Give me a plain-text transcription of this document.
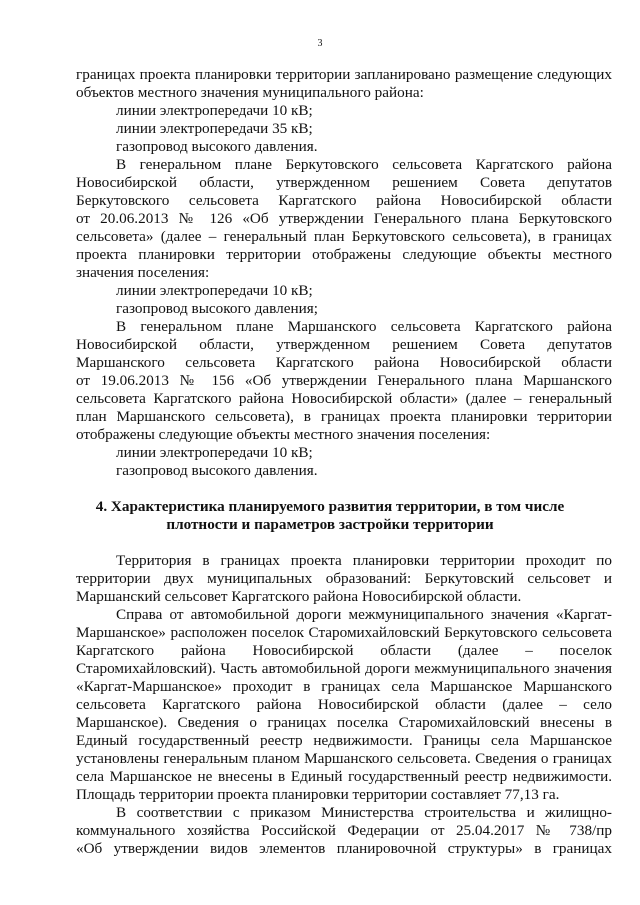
3
границах проекта планировки территории запланировано размещение следующих
объектов местного значения муниципального района:
линии электропередачи 10 кВ;
линии электропередачи 35 кВ;
газопровод высокого давления.
В генеральном плане Беркутовского сельсовета Каргатского района
Новосибирской области, утвержденном решением Совета депутатов
Беркутовского сельсовета Каргатского района Новосибирской области
от 20.06.2013 № 126 «Об утверждении Генерального плана Беркутовского
сельсовета» (далее – генеральный план Беркутовского сельсовета), в границах
проекта планировки территории отображены следующие объекты местного
значения поселения:
линии электропередачи 10 кВ;
газопровод высокого давления;
В генеральном плане Маршанского сельсовета Каргатского района
Новосибирской области, утвержденном решением Совета депутатов
Маршанского сельсовета Каргатского района Новосибирской области
от 19.06.2013 № 156 «Об утверждении Генерального плана Маршанского
сельсовета Каргатского района Новосибирской области» (далее – генеральный
план Маршанского сельсовета), в границах проекта планировки территории
отображены следующие объекты местного значения поселения:
линии электропередачи 10 кВ;
газопровод высокого давления.
4. Характеристика планируемого развития территории, в том числе
плотности и параметров застройки территории
Территория в границах проекта планировки территории проходит по
территории двух муниципальных образований: Беркутовский сельсовет и
Маршанский сельсовет Каргатского района Новосибирской области.
Справа от автомобильной дороги межмуниципального значения «Каргат-
Маршанское» расположен поселок Старомихайловский Беркутовского сельсовета
Каргатского района Новосибирской области (далее – поселок
Старомихайловский). Часть автомобильной дороги межмуниципального значения
«Каргат-Маршанское» проходит в границах села Маршанское Маршанского
сельсовета Каргатского района Новосибирской области (далее – село
Маршанское). Сведения о границах поселка Старомихайловский внесены в
Единый государственный реестр недвижимости. Границы села Маршанское
установлены генеральным планом Маршанского сельсовета. Сведения о границах
села Маршанское не внесены в Единый государственный реестр недвижимости.
Площадь территории проекта планировки территории составляет 77,13 га.
В соответствии с приказом Министерства строительства и жилищно-
коммунального хозяйства Российской Федерации от 25.04.2017 № 738/пр
«Об утверждении видов элементов планировочной структуры» в границах
